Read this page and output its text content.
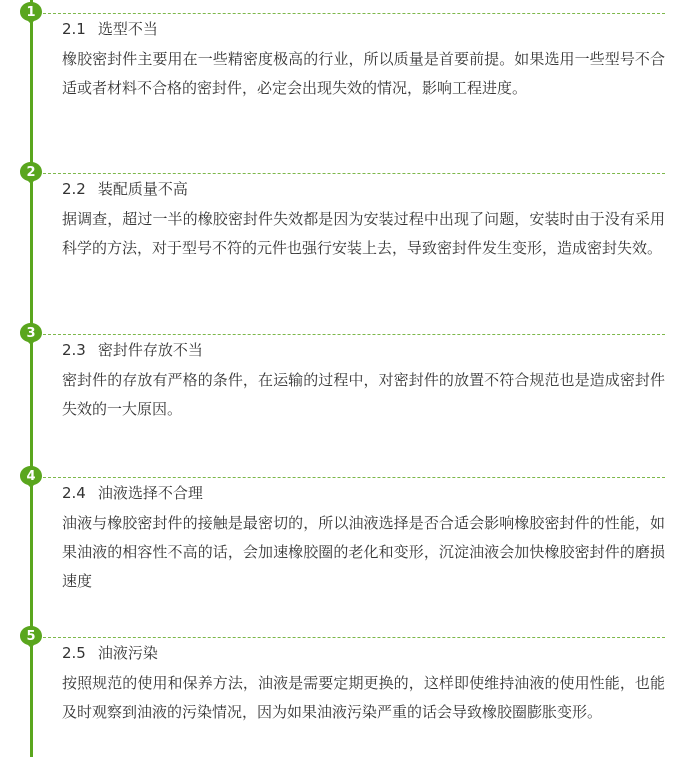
1
2.1 选型不当

橡胶密封件主要用在一些精密度极高的行业，所以质量是首要前提。如果选用一些型号不合适或者材料不合格的密封件，必定会出现失效的情况，影响工程进度。

2
2.2 装配质量不高

据调查，超过一半的橡胶密封件失效都是因为安装过程中出现了问题，安装时由于没有采用科学的方法，对于型号不符的元件也强行安装上去，导致密封件发生变形，造成密封失效。

3
2.3 密封件存放不当

密封件的存放有严格的条件，在运输的过程中，对密封件的放置不符合规范也是造成密封件失效的一大原因。

4
2.4 油液选择不合理

油液与橡胶密封件的接触是最密切的，所以油液选择是否合适会影响橡胶密封件的性能，如果油液的相容性不高的话，会加速橡胶圈的老化和变形，沉淀油液会加快橡胶密封件的磨损速度

5
2.5 油液污染

按照规范的使用和保养方法，油液是需要定期更换的，这样即使维持油液的使用性能，也能及时观察到油液的污染情况，因为如果油液污染严重的话会导致橡胶圈膨胀变形。
